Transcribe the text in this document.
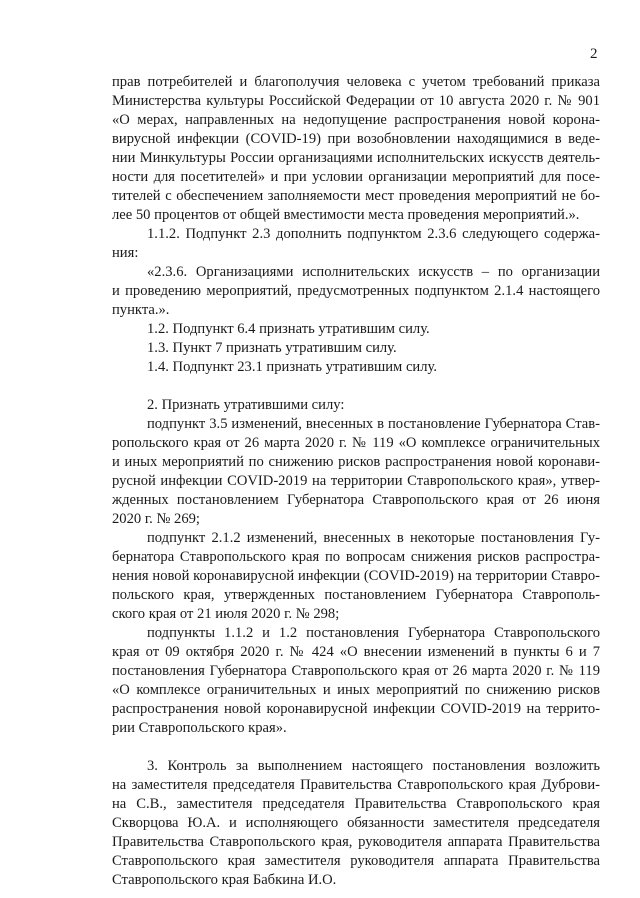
2
прав потребителей и благополучия человека с учетом требований приказа
Министерства культуры Российской Федерации от 10 августа 2020 г. № 901
«О мерах, направленных на недопущение распространения новой корона-
вирусной инфекции (COVID-19) при возобновлении находящимися в веде-
нии Минкультуры России организациями исполнительских искусств деятель-
ности для посетителей» и при условии организации мероприятий для посе-
тителей с обеспечением заполняемости мест проведения мероприятий не бо-
лее 50 процентов от общей вместимости места проведения мероприятий.».
1.1.2. Подпункт 2.3 дополнить подпунктом 2.3.6 следующего содержа-
ния:
«2.3.6. Организациями исполнительских искусств – по организации
и проведению мероприятий, предусмотренных подпунктом 2.1.4 настоящего
пункта.».
1.2. Подпункт 6.4 признать утратившим силу.
1.3. Пункт 7 признать утратившим силу.
1.4. Подпункт 23.1 признать утратившим силу.
2. Признать утратившими силу:
подпункт 3.5 изменений, внесенных в постановление Губернатора Став-
ропольского края от 26 марта 2020 г. № 119 «О комплексе ограничительных
и иных мероприятий по снижению рисков распространения новой коронави-
русной инфекции COVID-2019 на территории Ставропольского края», утвер-
жденных постановлением Губернатора Ставропольского края от 26 июня
2020 г. № 269;
подпункт 2.1.2 изменений, внесенных в некоторые постановления Гу-
бернатора Ставропольского края по вопросам снижения рисков распростра-
нения новой коронавирусной инфекции (COVID-2019) на территории Ставро-
польского края, утвержденных постановлением Губернатора Ставрополь-
ского края от 21 июля 2020 г. № 298;
подпункты 1.1.2 и 1.2 постановления Губернатора Ставропольского
края от 09 октября 2020 г. № 424 «О внесении изменений в пункты 6 и 7
постановления Губернатора Ставропольского края от 26 марта 2020 г. № 119
«О комплексе ограничительных и иных мероприятий по снижению рисков
распространения новой коронавирусной инфекции COVID-2019 на террито-
рии Ставропольского края».
3. Контроль за выполнением настоящего постановления возложить
на заместителя председателя Правительства Ставропольского края Дуброви-
на С.В., заместителя председателя Правительства Ставропольского края
Скворцова Ю.А. и исполняющего обязанности заместителя председателя
Правительства Ставропольского края, руководителя аппарата Правительства
Ставропольского края заместителя руководителя аппарата Правительства
Ставропольского края Бабкина И.О.
